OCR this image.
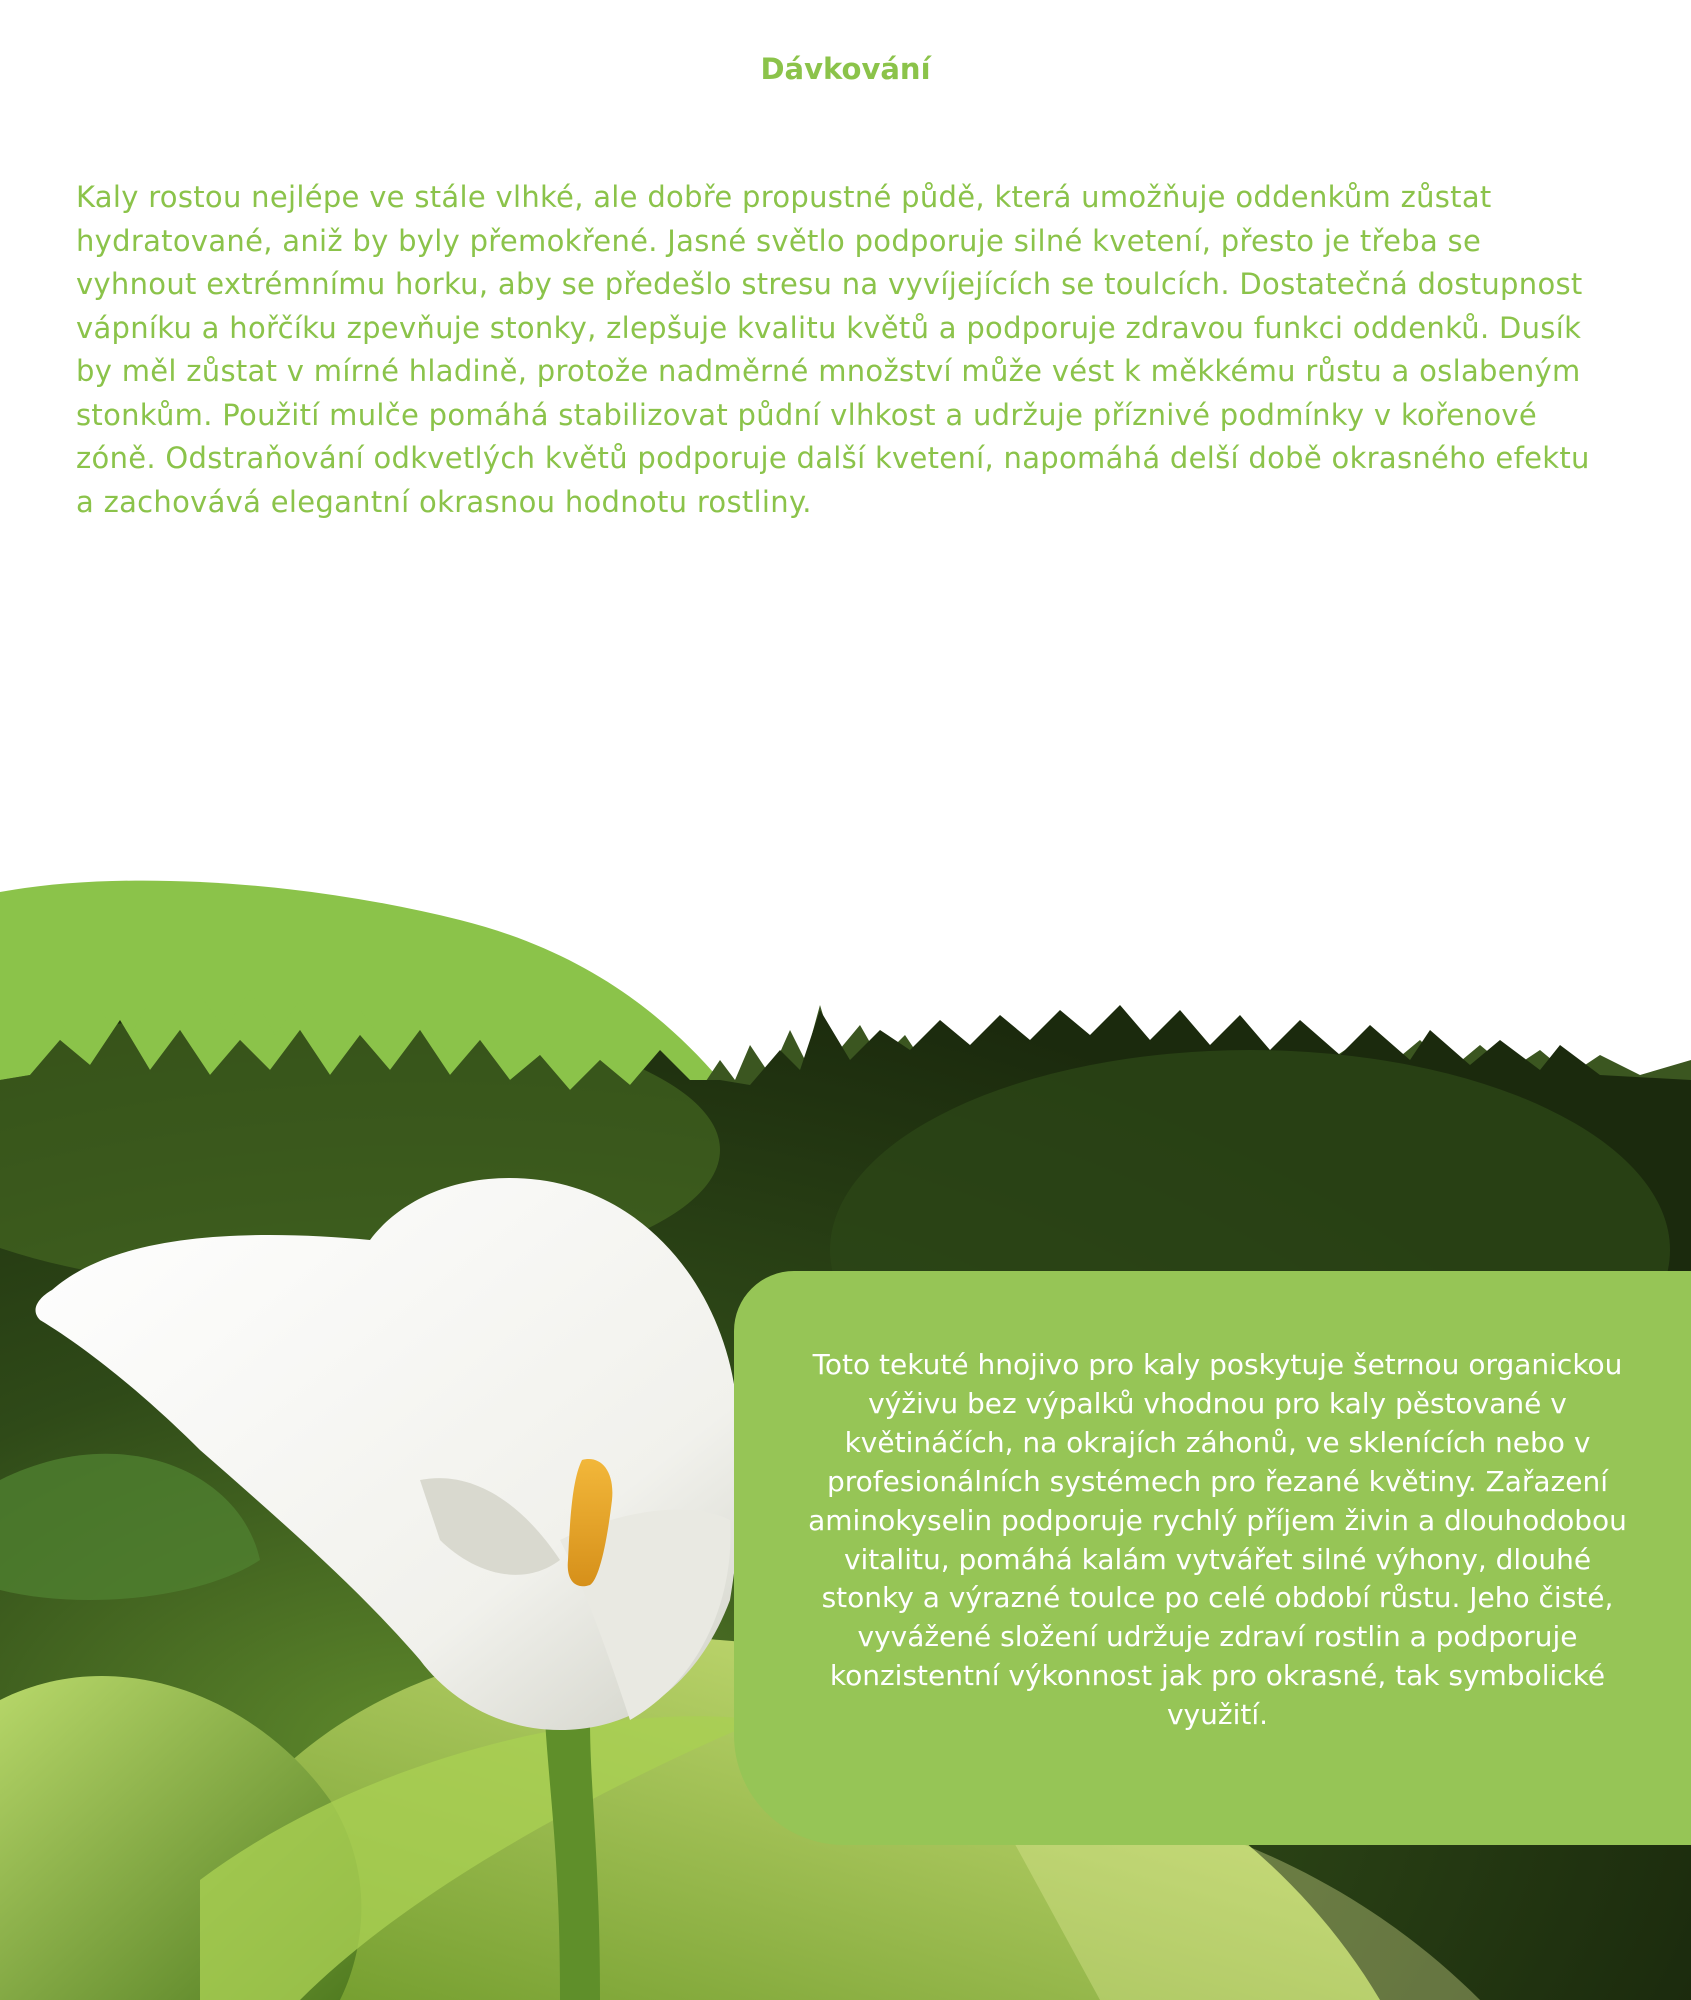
Dávkování

Kaly rostou nejlépe ve stále vlhké, ale dobře propustné půdě, která umožňuje oddenkům zůstat hydratované, aniž by byly přemokřené. Jasné světlo podporuje silné kvetení, přesto je třeba se vyhnout extrémnímu horku, aby se předešlo stresu na vyvíjejících se toulcích. Dostatečná dostupnost vápníku a hořčíku zpevňuje stonky, zlepšuje kvalitu květů a podporuje zdravou funkci oddenků. Dusík by měl zůstat v mírné hladině, protože nadměrné množství může vést k měkkému růstu a oslabeným stonkům. Použití mulče pomáhá stabilizovat půdní vlhkost a udržuje příznivé podmínky v kořenové zóně. Odstraňování odkvetlých květů podporuje další kvetení, napomáhá delší době okrasného efektu a zachovává elegantní okrasnou hodnotu rostliny.

Toto tekuté hnojivo pro kaly poskytuje šetrnou organickou výživu bez výpalků vhodnou pro kaly pěstované v květináčích, na okrajích záhonů, ve sklenících nebo v profesionálních systémech pro řezané květiny. Zařazení aminokyselin podporuje rychlý příjem živin a dlouhodobou vitalitu, pomáhá kalám vytvářet silné výhony, dlouhé stonky a výrazné toulce po celé období růstu. Jeho čisté, vyvážené složení udržuje zdraví rostlin a podporuje konzistentní výkonnost jak pro okrasné, tak symbolické využití.
